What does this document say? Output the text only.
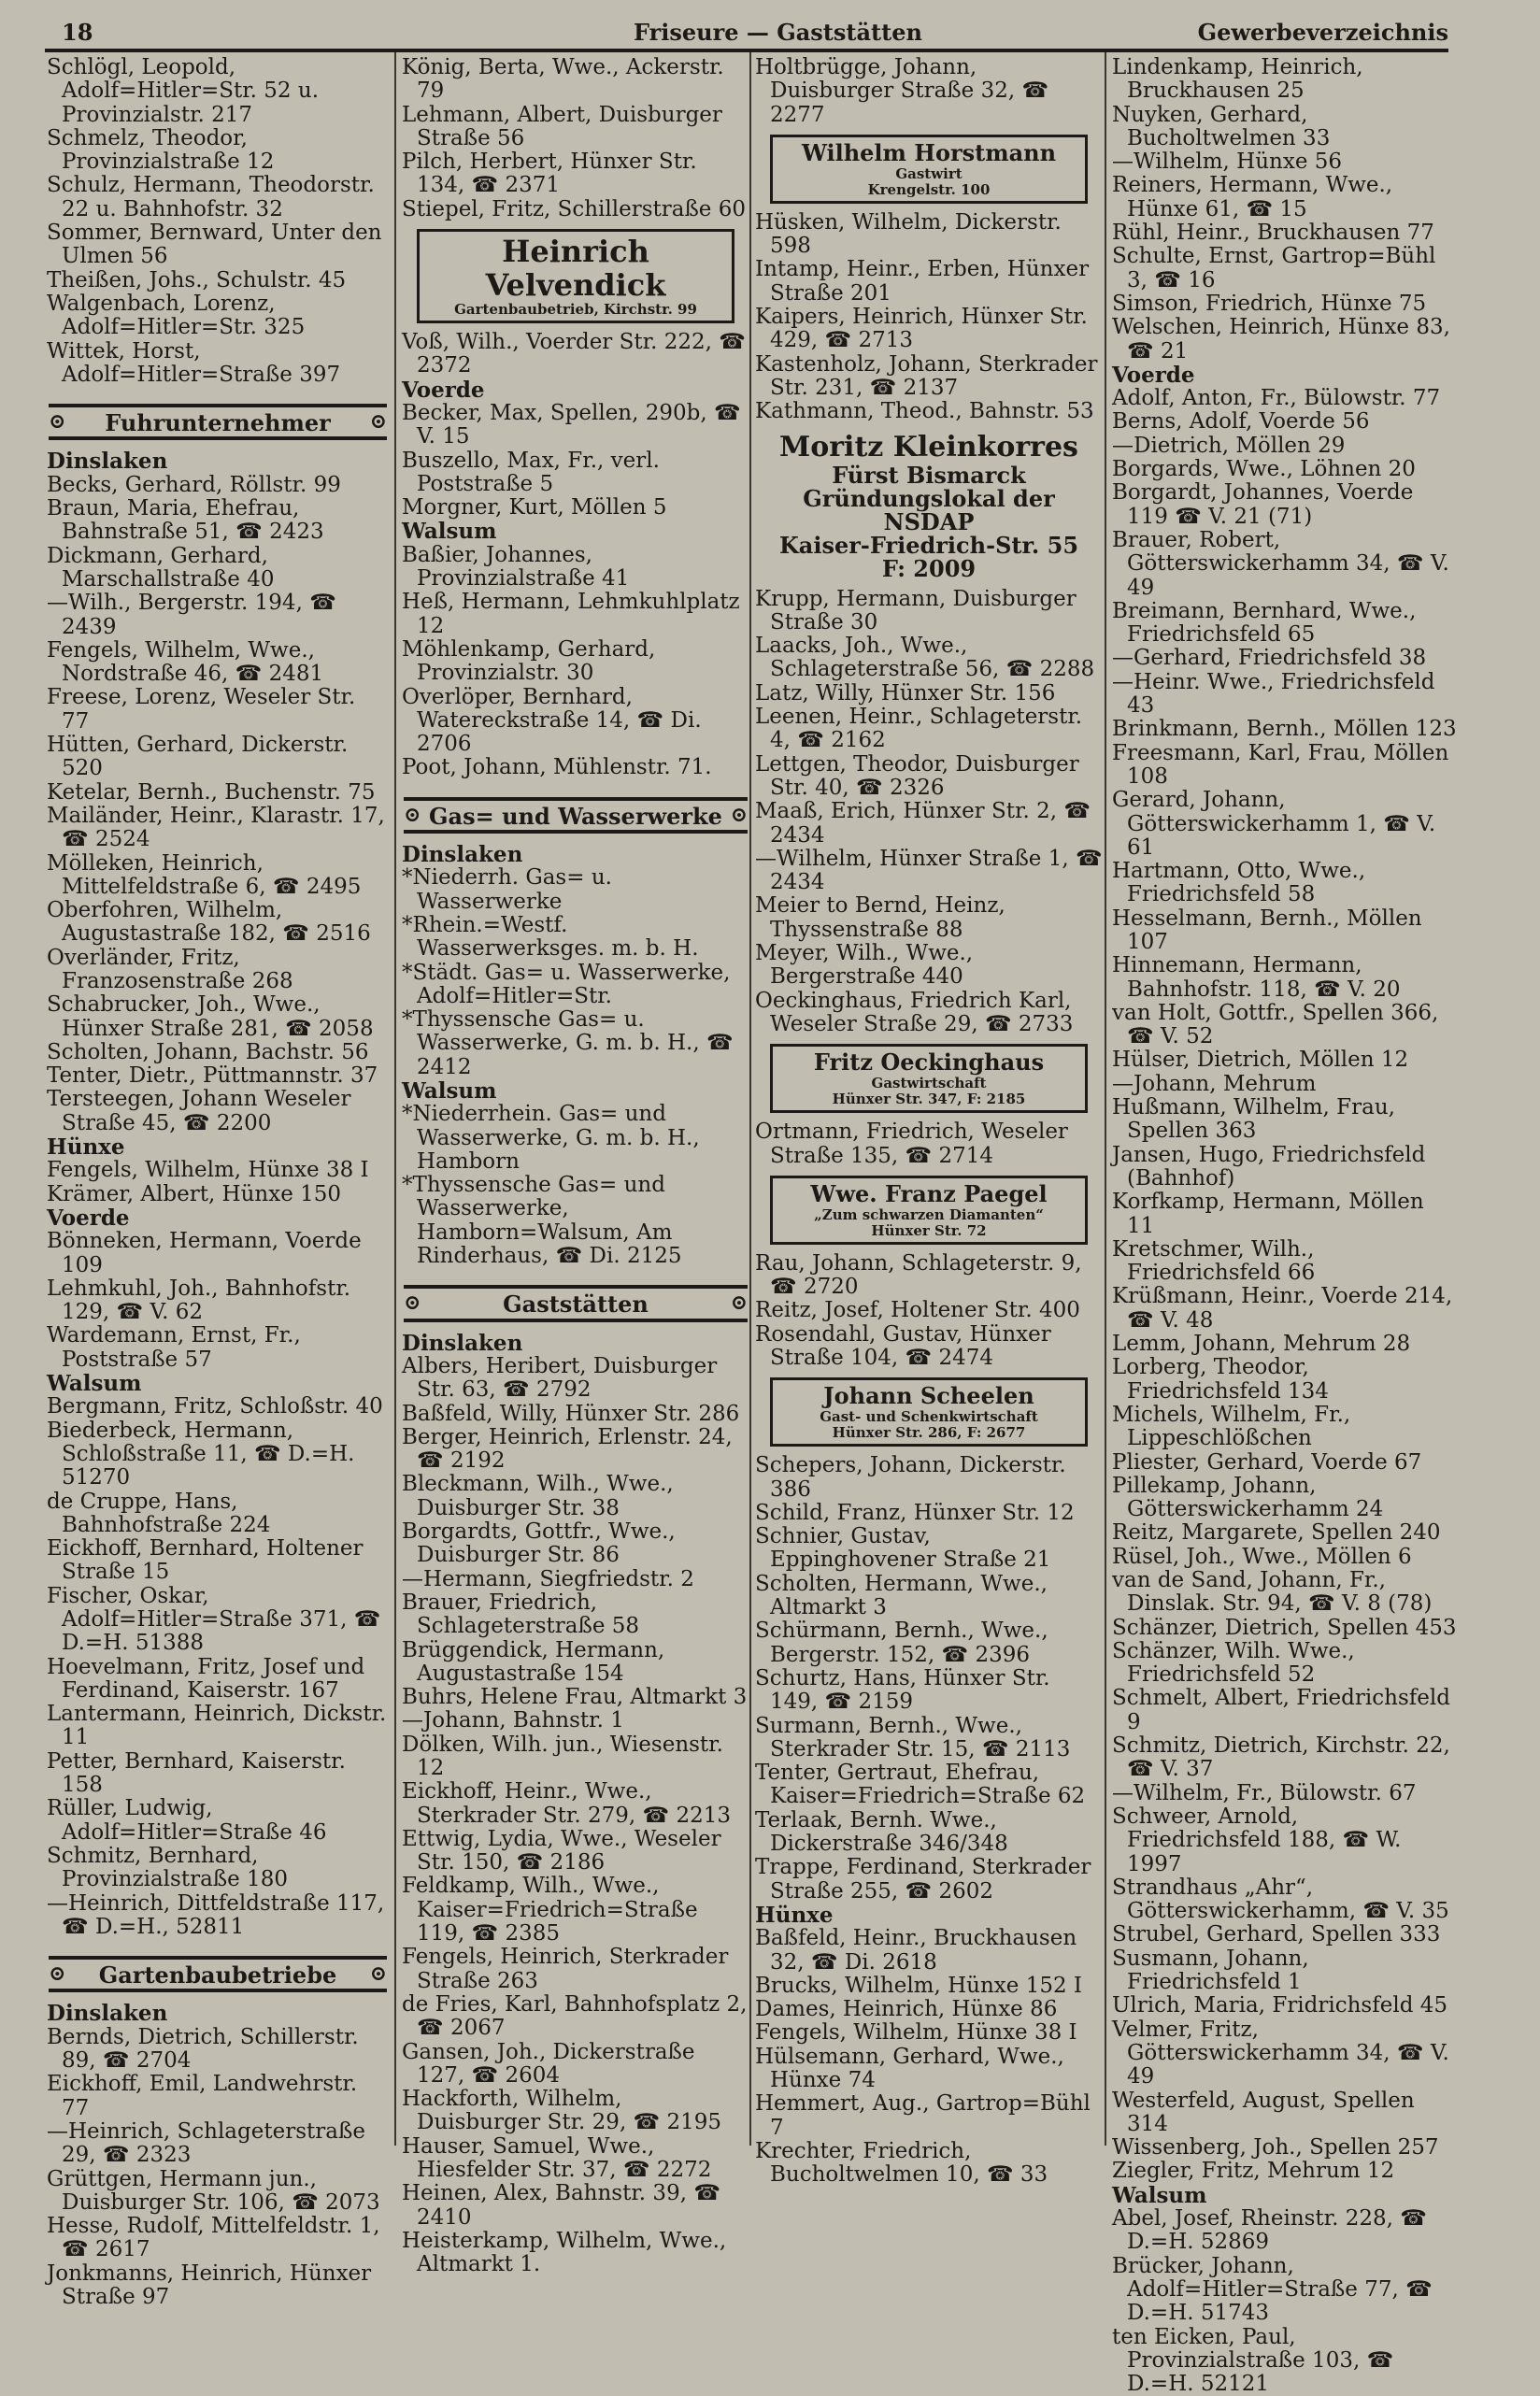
18	Friseure — Gaststätten	Gewerbeverzeichnis
Schlögl, Leopold, Adolf=Hitler=Str. 52 u. Provinzialstr. 217
Schmelz, Theodor, Provinzialstraße 12
Schulz, Hermann, Theodorstr. 22 u. Bahnhofstr. 32
Sommer, Bernward, Unter den Ulmen 56
Theißen, Johs., Schulstr. 45
Walgenbach, Lorenz, Adolf=Hitler=Str. 325
Wittek, Horst, Adolf=Hitler=Straße 397
⊙ Fuhrunternehmer ⊙
Dinslaken
Becks, Gerhard, Röllstr. 99
Braun, Maria, Ehefrau, Bahnstraße 51, ☎ 2423
Dickmann, Gerhard, Marschallstraße 40
—Wilh., Bergerstr. 194, ☎ 2439
Fengels, Wilhelm, Wwe., Nordstraße 46, ☎ 2481
Freese, Lorenz, Weseler Str. 77
Hütten, Gerhard, Dickerstr. 520
Ketelar, Bernh., Buchenstr. 75
Mailänder, Heinr., Klarastr. 17, ☎ 2524
Mölleken, Heinrich, Mittelfeldstraße 6, ☎ 2495
Oberfohren, Wilhelm, Augustastraße 182, ☎ 2516
Overländer, Fritz, Franzosenstraße 268
Schabrucker, Joh., Wwe., Hünxer Straße 281, ☎ 2058
Scholten, Johann, Bachstr. 56
Tenter, Dietr., Püttmannstr. 37
Tersteegen, Johann Weseler Straße 45, ☎ 2200
Hünxe
Fengels, Wilhelm, Hünxe 38 I
Krämer, Albert, Hünxe 150
Voerde
Bönneken, Hermann, Voerde 109
Lehmkuhl, Joh., Bahnhofstr. 129, ☎ V. 62
Wardemann, Ernst, Fr., Poststraße 57
Walsum
Bergmann, Fritz, Schloßstr. 40
Biederbeck, Hermann, Schloßstraße 11, ☎ D.=H. 51270
de Cruppe, Hans, Bahnhofstraße 224
Eickhoff, Bernhard, Holtener Straße 15
Fischer, Oskar, Adolf=Hitler=Straße 371, ☎ D.=H. 51388
Hoevelmann, Fritz, Josef und Ferdinand, Kaiserstr. 167
Lantermann, Heinrich, Dickstr. 11
Petter, Bernhard, Kaiserstr. 158
Rüller, Ludwig, Adolf=Hitler=Straße 46
Schmitz, Bernhard, Provinzialstraße 180
—Heinrich, Dittfeldstraße 117, ☎ D.=H., 52811
⊙ Gartenbaubetriebe ⊙
Dinslaken
Bernds, Dietrich, Schillerstr. 89, ☎ 2704
Eickhoff, Emil, Landwehrstr. 77
—Heinrich, Schlageterstraße 29, ☎ 2323
Grüttgen, Hermann jun., Duisburger Str. 106, ☎ 2073
Hesse, Rudolf, Mittelfeldstr. 1, ☎ 2617
Jonkmanns, Heinrich, Hünxer Straße 97
König, Berta, Wwe., Ackerstr. 79
Lehmann, Albert, Duisburger Straße 56
Pilch, Herbert, Hünxer Str. 134, ☎ 2371
Stiepel, Fritz, Schillerstraße 60
Heinrich Velvendick
Gartenbaubetrieb, Kirchstr. 99
Voß, Wilh., Voerder Str. 222, ☎ 2372
Voerde
Becker, Max, Spellen, 290b, ☎ V. 15
Buszello, Max, Fr., verl. Poststraße 5
Morgner, Kurt, Möllen 5
Walsum
Baßier, Johannes, Provinzialstraße 41
Heß, Hermann, Lehmkuhlplatz 12
Möhlenkamp, Gerhard, Provinzialstr. 30
Overlöper, Bernhard, Watereckstraße 14, ☎ Di. 2706
Poot, Johann, Mühlenstr. 71.
⊙ Gas= und Wasserwerke ⊙
Dinslaken
*Niederrh. Gas= u. Wasserwerke
*Rhein.=Westf. Wasserwerksges. m. b. H.
*Städt. Gas= u. Wasserwerke, Adolf=Hitler=Str.
*Thyssensche Gas= u. Wasserwerke, G. m. b. H., ☎ 2412
Walsum
*Niederrhein. Gas= und Wasserwerke, G. m. b. H., Hamborn
*Thyssensche Gas= und Wasserwerke, Hamborn=Walsum, Am Rinderhaus, ☎ Di. 2125
⊙	Gaststätten	⊙
Dinslaken
Albers, Heribert, Duisburger Str. 63, ☎ 2792
Baßfeld, Willy, Hünxer Str. 286
Berger, Heinrich, Erlenstr. 24, ☎ 2192
Bleckmann, Wilh., Wwe., Duisburger Str. 38
Borgardts, Gottfr., Wwe., Duisburger Str. 86
—Hermann, Siegfriedstr. 2
Brauer, Friedrich, Schlageterstraße 58
Brüggendick, Hermann, Augustastraße 154
Buhrs, Helene Frau, Altmarkt 3
—Johann, Bahnstr. 1
Dölken, Wilh. jun., Wiesenstr. 12
Eickhoff, Heinr., Wwe., Sterkrader Str. 279, ☎ 2213
Ettwig, Lydia, Wwe., Weseler Str. 150, ☎ 2186
Feldkamp, Wilh., Wwe., Kaiser=Friedrich=Straße 119, ☎ 2385
Fengels, Heinrich, Sterkrader Straße 263
de Fries, Karl, Bahnhofsplatz 2, ☎ 2067
Gansen, Joh., Dickerstraße 127, ☎ 2604
Hackforth, Wilhelm, Duisburger Str. 29, ☎ 2195
Hauser, Samuel, Wwe., Hiesfelder Str. 37, ☎ 2272
Heinen, Alex, Bahnstr. 39, ☎ 2410
Heisterkamp, Wilhelm, Wwe., Altmarkt 1.
Holtbrügge, Johann, Duisburger Straße 32, ☎ 2277
Wilhelm Horstmann
Gastwirt
Krengelstr. 100
Hüsken, Wilhelm, Dickerstr. 598
Intamp, Heinr., Erben, Hünxer Straße 201
Kaipers, Heinrich, Hünxer Str. 429, ☎ 2713
Kastenholz, Johann, Sterkrader Str. 231, ☎ 2137
Kathmann, Theod., Bahnstr. 53
Moritz Kleinkorres
Fürst Bismarck
Gründungslokal der NSDAP
Kaiser-Friedrich-Str. 55
F: 2009
Krupp, Hermann, Duisburger Straße 30
Laacks, Joh., Wwe., Schlageterstraße 56, ☎ 2288
Latz, Willy, Hünxer Str. 156
Leenen, Heinr., Schlageterstr. 4, ☎ 2162
Lettgen, Theodor, Duisburger Str. 40, ☎ 2326
Maaß, Erich, Hünxer Str. 2, ☎ 2434
—Wilhelm, Hünxer Straße 1, ☎ 2434
Meier to Bernd, Heinz, Thyssenstraße 88
Meyer, Wilh., Wwe., Bergerstraße 440
Oeckinghaus, Friedrich Karl, Weseler Straße 29, ☎ 2733
Fritz Oeckinghaus
Gastwirtschaft
Hünxer Str. 347, F: 2185
Ortmann, Friedrich, Weseler Straße 135, ☎ 2714
Wwe. Franz Paegel
„Zum schwarzen Diamanten“
Hünxer Str. 72
Rau, Johann, Schlageterstr. 9, ☎ 2720
Reitz, Josef, Holtener Str. 400
Rosendahl, Gustav, Hünxer Straße 104, ☎ 2474
Johann Scheelen
Gast- und Schenkwirtschaft
Hünxer Str. 286, F: 2677
Schepers, Johann, Dickerstr. 386
Schild, Franz, Hünxer Str. 12
Schnier, Gustav, Eppinghovener Straße 21
Scholten, Hermann, Wwe., Altmarkt 3
Schürmann, Bernh., Wwe., Bergerstr. 152, ☎ 2396
Schurtz, Hans, Hünxer Str. 149, ☎ 2159
Surmann, Bernh., Wwe., Sterkrader Str. 15, ☎ 2113
Tenter, Gertraut, Ehefrau, Kaiser=Friedrich=Straße 62
Terlaak, Bernh. Wwe., Dickerstraße 346/348
Trappe, Ferdinand, Sterkrader Straße 255, ☎ 2602
Hünxe
Baßfeld, Heinr., Bruckhausen 32, ☎ Di. 2618
Brucks, Wilhelm, Hünxe 152 I
Dames, Heinrich, Hünxe 86
Fengels, Wilhelm, Hünxe 38 I
Hülsemann, Gerhard, Wwe., Hünxe 74
Hemmert, Aug., Gartrop=Bühl 7
Krechter, Friedrich, Bucholtwelmen 10, ☎ 33
Lindenkamp, Heinrich, Bruckhausen 25
Nuyken, Gerhard, Bucholtwelmen 33
—Wilhelm, Hünxe 56
Reiners, Hermann, Wwe., Hünxe 61, ☎ 15
Rühl, Heinr., Bruckhausen 77
Schulte, Ernst, Gartrop=Bühl 3, ☎ 16
Simson, Friedrich, Hünxe 75
Welschen, Heinrich, Hünxe 83, ☎ 21
Voerde
Adolf, Anton, Fr., Bülowstr. 77
Berns, Adolf, Voerde 56
—Dietrich, Möllen 29
Borgards, Wwe., Löhnen 20
Borgardt, Johannes, Voerde 119 ☎ V. 21 (71)
Brauer, Robert, Götterswickerhamm 34, ☎ V. 49
Breimann, Bernhard, Wwe., Friedrichsfeld 65
—Gerhard, Friedrichsfeld 38
—Heinr. Wwe., Friedrichsfeld 43
Brinkmann, Bernh., Möllen 123
Freesmann, Karl, Frau, Möllen 108
Gerard, Johann, Götterswickerhamm 1, ☎ V. 61
Hartmann, Otto, Wwe., Friedrichsfeld 58
Hesselmann, Bernh., Möllen 107
Hinnemann, Hermann, Bahnhofstr. 118, ☎ V. 20
van Holt, Gottfr., Spellen 366, ☎ V. 52
Hülser, Dietrich, Möllen 12
—Johann, Mehrum
Hußmann, Wilhelm, Frau, Spellen 363
Jansen, Hugo, Friedrichsfeld (Bahnhof)
Korfkamp, Hermann, Möllen 11
Kretschmer, Wilh., Friedrichsfeld 66
Krüßmann, Heinr., Voerde 214, ☎ V. 48
Lemm, Johann, Mehrum 28
Lorberg, Theodor, Friedrichsfeld 134
Michels, Wilhelm, Fr., Lippeschlößchen
Pliester, Gerhard, Voerde 67
Pillekamp, Johann, Götterswickerhamm 24
Reitz, Margarete, Spellen 240
Rüsel, Joh., Wwe., Möllen 6
van de Sand, Johann, Fr., Dinslak. Str. 94, ☎ V. 8 (78)
Schänzer, Dietrich, Spellen 453
Schänzer, Wilh. Wwe., Friedrichsfeld 52
Schmelt, Albert, Friedrichsfeld 9
Schmitz, Dietrich, Kirchstr. 22, ☎ V. 37
—Wilhelm, Fr., Bülowstr. 67
Schweer, Arnold, Friedrichsfeld 188, ☎ W. 1997
Strandhaus „Ahr“, Götterswickerhamm, ☎ V. 35
Strubel, Gerhard, Spellen 333
Susmann, Johann, Friedrichsfeld 1
Ulrich, Maria, Fridrichsfeld 45
Velmer, Fritz, Götterswickerhamm 34, ☎ V. 49
Westerfeld, August, Spellen 314
Wissenberg, Joh., Spellen 257
Ziegler, Fritz, Mehrum 12
Walsum
Abel, Josef, Rheinstr. 228, ☎ D.=H. 52869
Brücker, Johann, Adolf=Hitler=Straße 77, ☎ D.=H. 51743
ten Eicken, Paul, Provinzialstraße 103, ☎ D.=H. 52121
